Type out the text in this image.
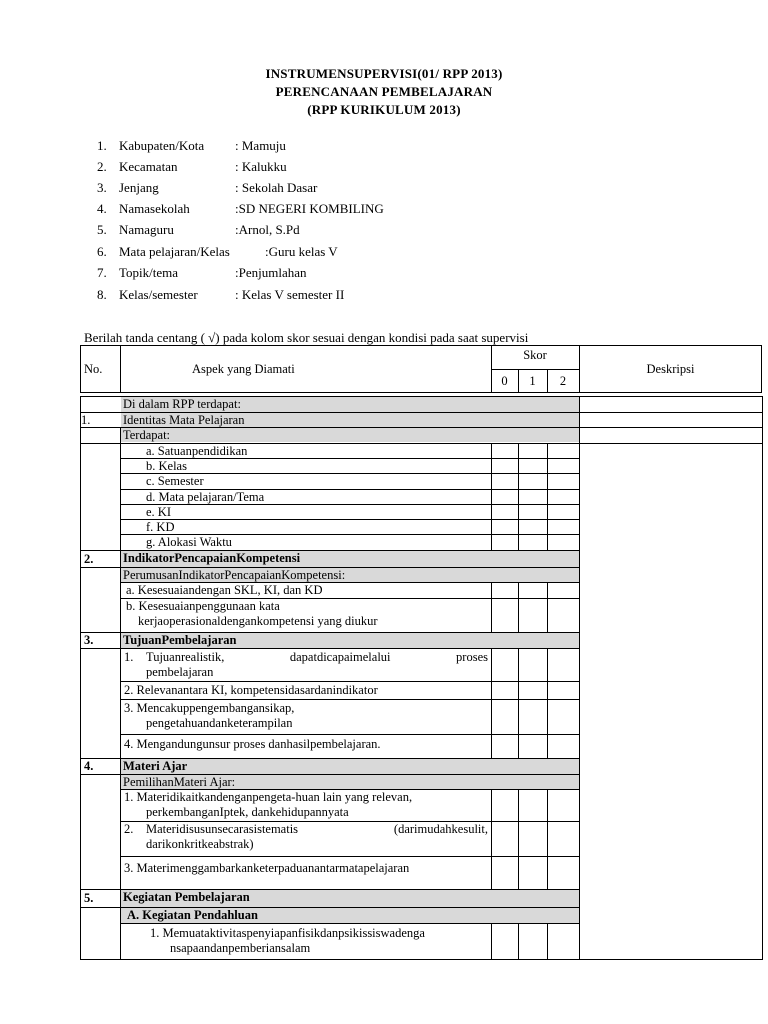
INSTRUMENSUPERVISI(01/ RPP 2013)
PERENCANAAN PEMBELAJARAN
(RPP KURIKULUM 2013)
1. Kabupaten/Kota : Mamuju
2. Kecamatan	: Kalukku
3. Jenjang	: Sekolah Dasar
4. Namasekolah	:SD NEGERI KOMBILING
5. Namaguru	:Arnol, S.Pd
6. Mata pelajaran/Kelas	:Guru kelas V
7. Topik/tema	:Penjumlahan
8. Kelas/semester	: Kelas V semester II
Berilah tanda centang ( √) pada kolom skor sesuai dengan kondisi pada saat supervisi
No.	Aspek yang Diamati
Skor
0	1	2
Deskripsi
Di dalam RPP terdapat:
1.	Identitas Mata Pelajaran
Terdapat:
a. Satuanpendidikan
b. Kelas
c. Semester
d. Mata pelajaran/Tema
e. KI
f. KD
g. Alokasi Waktu
2.	IndikatorPencapaianKompetensi
PerumusanIndikatorPencapaianKompetensi:
a. Kesesuaiandengan SKL, KI, dan KD
b. Kesesuaianpenggunaan kata
kerjaoperasionaldengankompetensi yang diukur
3.	TujuanPembelajaran
1.	Tujuanrealistik,	dapatdicapaimelalui	proses
pembelajaran
2. Relevanantara KI, kompetensidasardanindikator
3. Mencakuppengembangansikap,
pengetahuandanketerampilan
4. Mengandungunsur proses danhasilpembelajaran.
4.	Materi Ajar
PemilihanMateri Ajar:
1. Materidikaitkandenganpengeta-huan lain yang relevan,
perkembanganIptek, dankehidupannyata
2.	Materidisusunsecarasistematis	(darimudahkesulit,
darikonkritkeabstrak)
3. Materimenggambarkanketerpaduanantarmatapelajaran
5.	Kegiatan Pembelajaran
A. Kegiatan Pendahluan
1. Memuataktivitaspenyiapanfisikdanpsikissiswadenga
nsapaandanpemberiansalam
